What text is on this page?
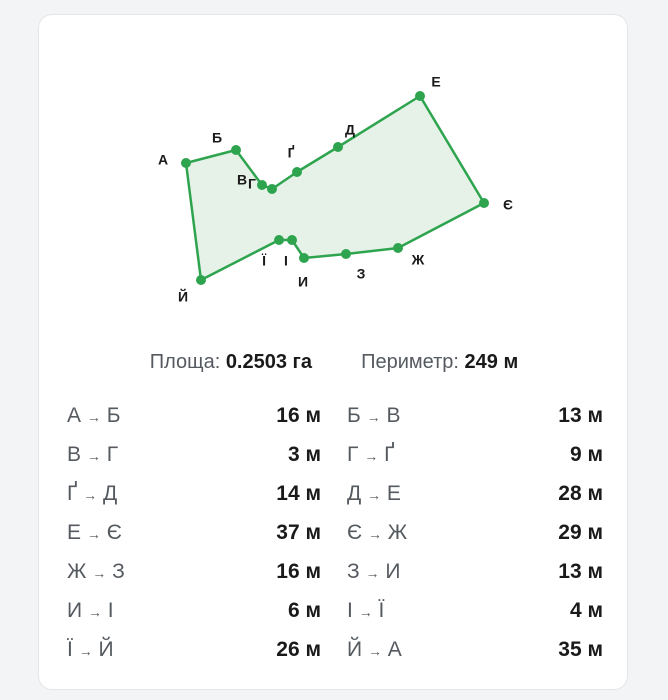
А
Б
В Г
Ґ
Д
Е
Є
Ж
З
И
І
Ї
Й
Площа: 0.2503 га Периметр: 249 м
А → Б	16 м Б → В	13 м
В → Г	3 м Г → Ґ	9 м
Ґ → Д	14 м Д → Е	28 м
Е → Є	37 м Є → Ж	29 м
Ж → З	16 м З → И	13 м
И → І	6 м І → Ї	4 м
Ї → Й	26 м Й → А	35 м
